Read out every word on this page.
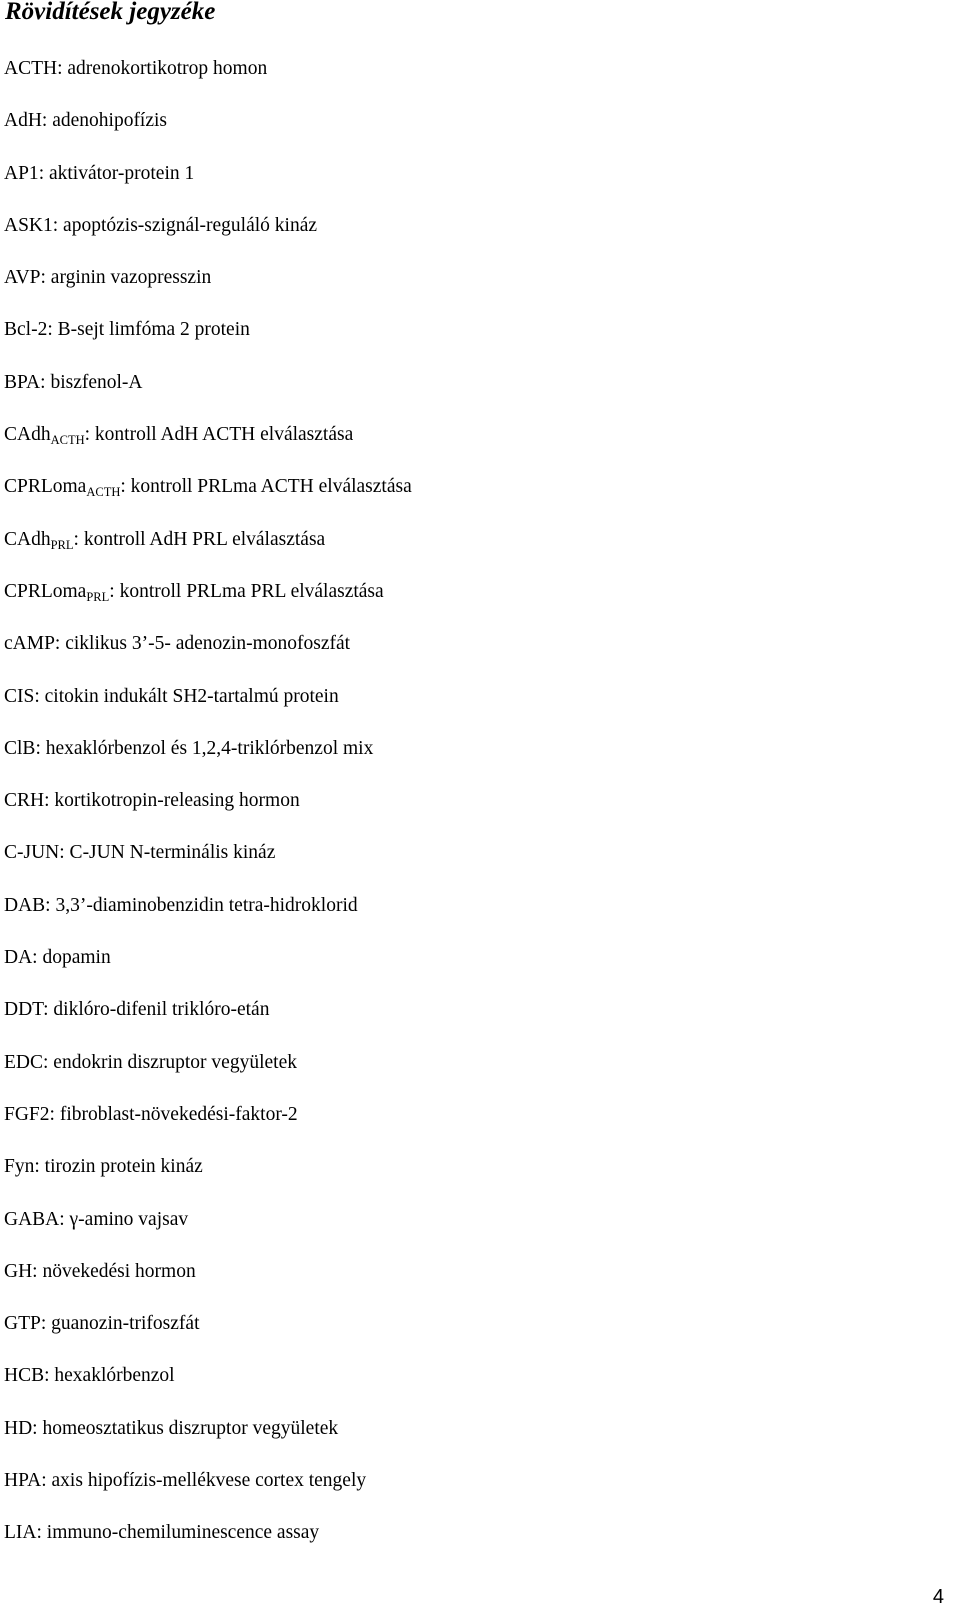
Rövidítések jegyzéke
ACTH: adrenokortikotrop homon
AdH: adenohipofízis
AP1: aktivátor-protein 1
ASK1: apoptózis-szignál-reguláló kináz
AVP: arginin vazopresszin
Bcl-2: B-sejt limfóma 2 protein
BPA: biszfenol-A
CAdh$_{ACTH}$: kontroll AdH ACTH elválasztása
CPRLoma$_{ACTH}$: kontroll PRLma ACTH elválasztása
CAdh$_{PRL}$: kontroll AdH PRL elválasztása
CPRLoma$_{PRL}$: kontroll PRLma PRL elválasztása
cAMP: ciklikus 3’-5- adenozin-monofoszfát
CIS: citokin indukált SH2-tartalmú protein
ClB: hexaklórbenzol és 1,2,4-triklórbenzol mix
CRH: kortikotropin-releasing hormon
C-JUN: C-JUN N-terminális kináz
DAB: 3,3’-diaminobenzidin tetra-hidroklorid
DA: dopamin
DDT: diklóro-difenil triklóro-etán
EDC: endokrin diszruptor vegyületek
FGF2: fibroblast-növekedési-faktor-2
Fyn: tirozin protein kináz
GABA: γ-amino vajsav
GH: növekedési hormon
GTP: guanozin-trifoszfát
HCB: hexaklórbenzol
HD: homeosztatikus diszruptor vegyületek
HPA: axis hipofízis-mellékvese cortex tengely
LIA: immuno-chemiluminescence assay
4
